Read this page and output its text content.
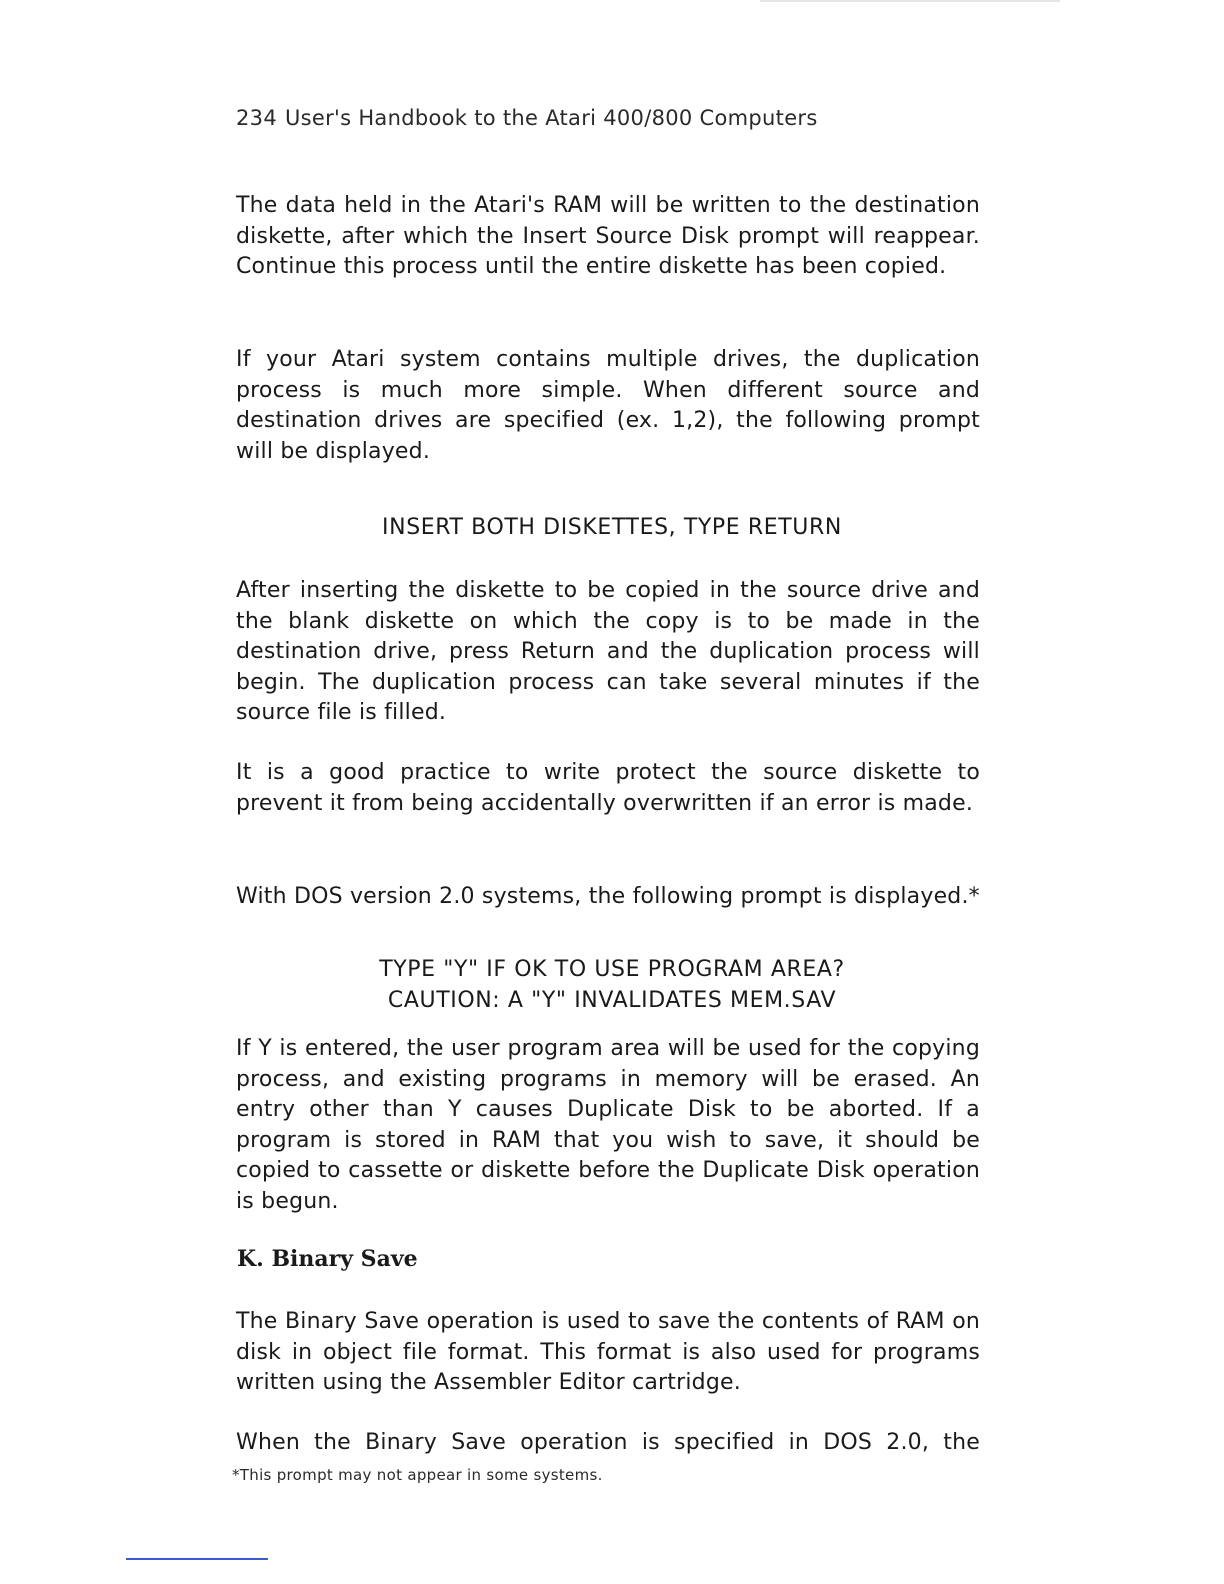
234 User's Handbook to the Atari 400/800 Computers

The data held in the Atari's RAM will be written to the destination diskette, after which the Insert Source Disk prompt will reappear. Continue this process until the entire diskette has been copied.

If your Atari system contains multiple drives, the duplication process is much more simple. When different source and destination drives are specified (ex. 1,2), the following prompt will be displayed.

INSERT BOTH DISKETTES, TYPE RETURN

After inserting the diskette to be copied in the source drive and the blank diskette on which the copy is to be made in the destination drive, press Return and the duplication process will begin. The duplication process can take several minutes if the source file is filled.

It is a good practice to write protect the source diskette to prevent it from being accidentally overwritten if an error is made.

With DOS version 2.0 systems, the following prompt is displayed.*

TYPE "Y" IF OK TO USE PROGRAM AREA?
CAUTION: A "Y" INVALIDATES MEM.SAV

If Y is entered, the user program area will be used for the copying process, and existing programs in memory will be erased. An entry other than Y causes Duplicate Disk to be aborted. If a program is stored in RAM that you wish to save, it should be copied to cassette or diskette before the Duplicate Disk operation is begun.

K. Binary Save

The Binary Save operation is used to save the contents of RAM on disk in object file format. This format is also used for programs written using the Assembler Editor cartridge.

When the Binary Save operation is specified in DOS 2.0, the

*This prompt may not appear in some systems.
